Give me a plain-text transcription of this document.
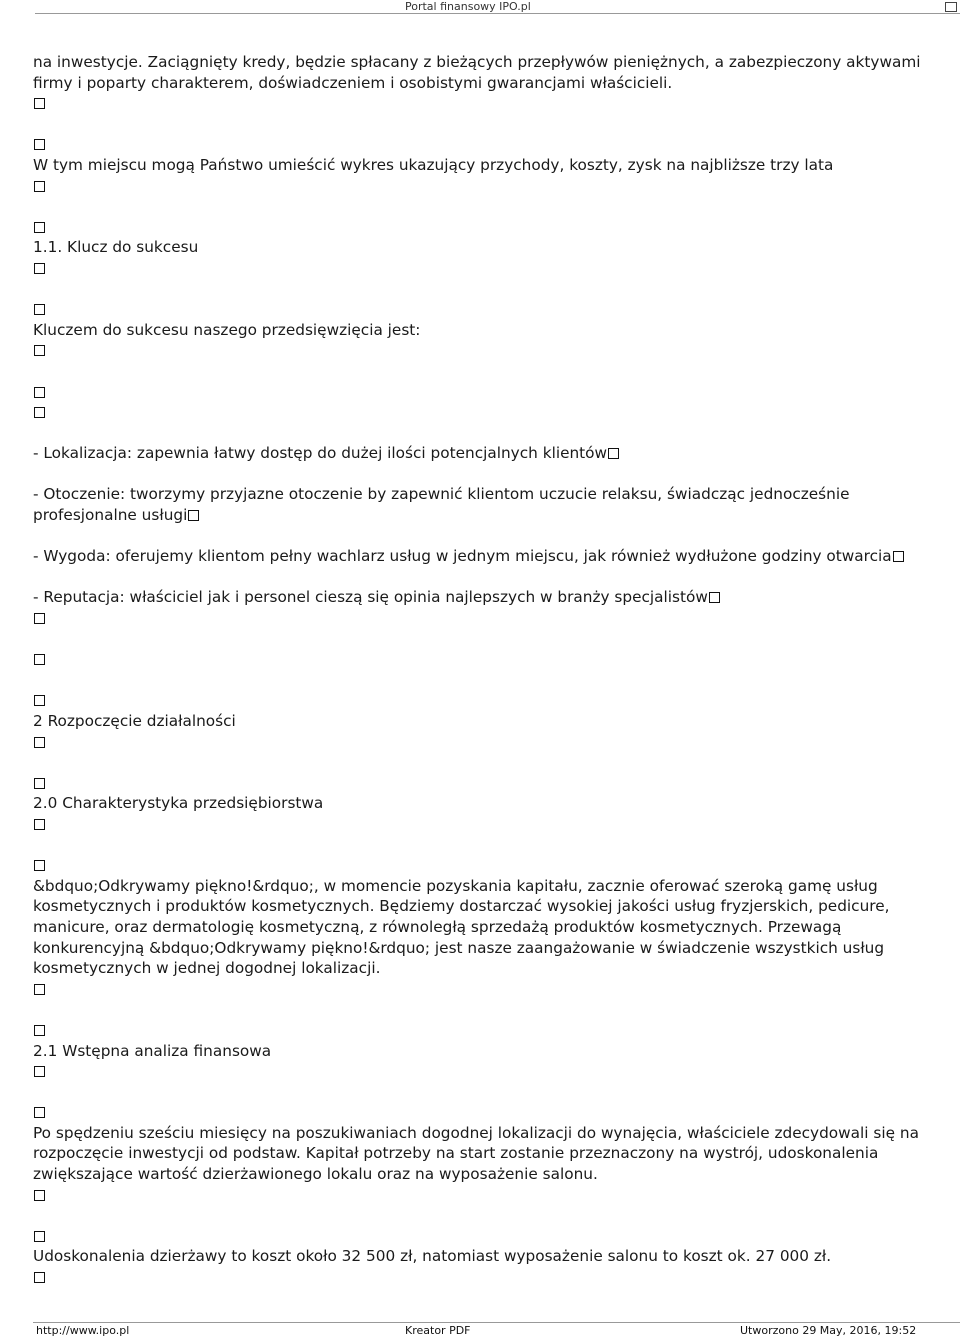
Portal finansowy IPO.pl

na inwestycje. Zaciągnięty kredy, będzie spłacany z bieżących przepływów pieniężnych, a zabezpieczony aktywami firmy i poparty charakterem, doświadczeniem i osobistymi gwarancjami właścicieli.

W tym miejscu mogą Państwo umieścić wykres ukazujący przychody, koszty, zysk na najbliższe trzy lata

1.1. Klucz do sukcesu

Kluczem do sukcesu naszego przedsięwzięcia jest:

- Lokalizacja: zapewnia łatwy dostęp do dużej ilości potencjalnych klientów

- Otoczenie: tworzymy przyjazne otoczenie by zapewnić klientom uczucie relaksu, świadcząc jednocześnie profesjonalne usługi

- Wygoda: oferujemy klientom pełny wachlarz usług w jednym miejscu, jak również wydłużone godziny otwarcia

- Reputacja: właściciel jak i personel cieszą się opinia najlepszych w branży specjalistów

2 Rozpoczęcie działalności

2.0 Charakterystyka przedsiębiorstwa

&bdquo;Odkrywamy piękno!&rdquo;, w momencie pozyskania kapitału, zacznie oferować szeroką gamę usług kosmetycznych i produktów kosmetycznych. Będziemy dostarczać wysokiej jakości usług fryzjerskich, pedicure, manicure, oraz dermatologię kosmetyczną, z równoległą sprzedażą produktów kosmetycznych. Przewagą konkurencyjną &bdquo;Odkrywamy piękno!&rdquo; jest nasze zaangażowanie w świadczenie wszystkich usług kosmetycznych w jednej dogodnej lokalizacji.

2.1 Wstępna analiza finansowa

Po spędzeniu sześciu miesięcy na poszukiwaniach dogodnej lokalizacji do wynajęcia, właściciele zdecydowali się na rozpoczęcie inwestycji od podstaw. Kapitał potrzeby na start zostanie przeznaczony na wystrój, udoskonalenia zwiększające wartość dzierżawionego lokalu oraz na wyposażenie salonu.

Udoskonalenia dzierżawy to koszt około 32 500 zł, natomiast wyposażenie salonu to koszt ok. 27 000 zł.

http://www.ipo.pl	Kreator PDF	Utworzono 29 May, 2016, 19:52
